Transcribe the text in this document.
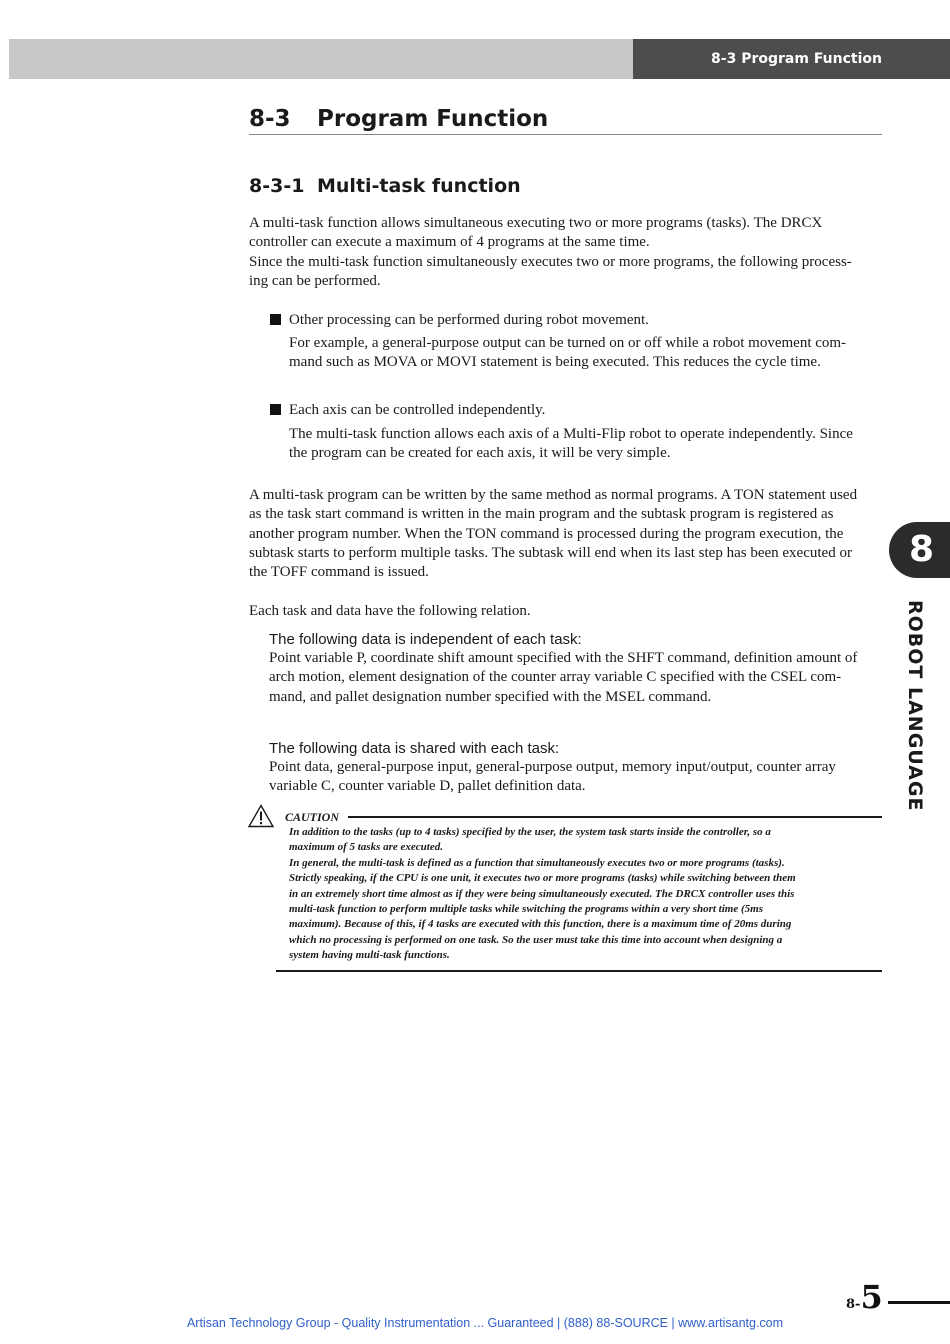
8-3 Program Function
8-3 Program Function
8-3-1 Multi-task function
A multi-task function allows simultaneous executing two or more programs (tasks). The DRCX
controller can execute a maximum of 4 programs at the same time.
Since the multi-task function simultaneously executes two or more programs, the following process-
ing can be performed.
Other processing can be performed during robot movement.
For example, a general-purpose output can be turned on or off while a robot movement com-
mand such as MOVA or MOVI statement is being executed. This reduces the cycle time.
Each axis can be controlled independently.
The multi-task function allows each axis of a Multi-Flip robot to operate independently. Since
the program can be created for each axis, it will be very simple.
A multi-task program can be written by the same method as normal programs. A TON statement used
as the task start command is written in the main program and the subtask program is registered as
another program number. When the TON command is processed during the program execution, the
subtask starts to perform multiple tasks. The subtask will end when its last step has been executed or
the TOFF command is issued.
Each task and data have the following relation.
The following data is independent of each task:
Point variable P, coordinate shift amount specified with the SHFT command, definition amount of
arch motion, element designation of the counter array variable C specified with the CSEL com-
mand, and pallet designation number specified with the MSEL command.
The following data is shared with each task:
Point data, general-purpose input, general-purpose output, memory input/output, counter array
variable C, counter variable D, pallet definition data.
CAUTION
In addition to the tasks (up to 4 tasks) specified by the user, the system task starts inside the controller, so a
maximum of 5 tasks are executed.
In general, the multi-task is defined as a function that simultaneously executes two or more programs (tasks).
Strictly speaking, if the CPU is one unit, it executes two or more programs (tasks) while switching between them
in an extremely short time almost as if they were being simultaneously executed. The DRCX controller uses this
multi-task function to perform multiple tasks while switching the programs within a very short time (5ms
maximum). Because of this, if 4 tasks are executed with this function, there is a maximum time of 20ms during
which no processing is performed on one task. So the user must take this time into account when designing a
system having multi-task functions.
8
ROBOT LANGUAGE
8-5
Artisan Technology Group - Quality Instrumentation ... Guaranteed | (888) 88-SOURCE | www.artisantg.com
